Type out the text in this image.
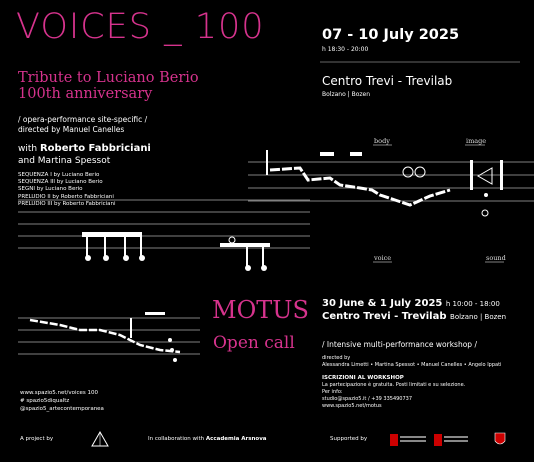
VOICES _ 100	07 - 10 July 2025
h 18:30 - 20:00
Tribute to Luciano Berio
100th anniversary
Centro Trevi - Trevilab
Bolzano | Bozen
/ opera-performance site-specific /
directed by Manuel Canelles
with Roberto Fabbriciani
and Martina Spessot
SEQUENZA I by Luciano Berio
SEQUENZA III by Luciano Berio
SEGNI by Luciano Berio
PRELUDIO II by Roberto Fabbriciani
PRELUDIO III by Roberto Fabbriciani
body	image
voice	sound
MOTUS
Open call
30 June & 1 July 2025 h 10:00 - 18:00
Centro Trevi - Trevilab Bolzano | Bozen
/ Intensive multi-performance workshop /
directed by
Alessandra Limetti • Martina Spessot • Manuel Canelles • Angelo Ippati
ISCRIZIONI AL WORKSHOP
La partecipazione è gratuita. Posti limitati e su selezione.
Per info:
studio@spazio5.it / +39 335490737
www.spazio5.net/motus
www.spazio5.net/voices 100
# spazio5diqualtz
@spazio5_artecontemporanea
A project by	In collaboration with Accademia Arsnova	Supported by
